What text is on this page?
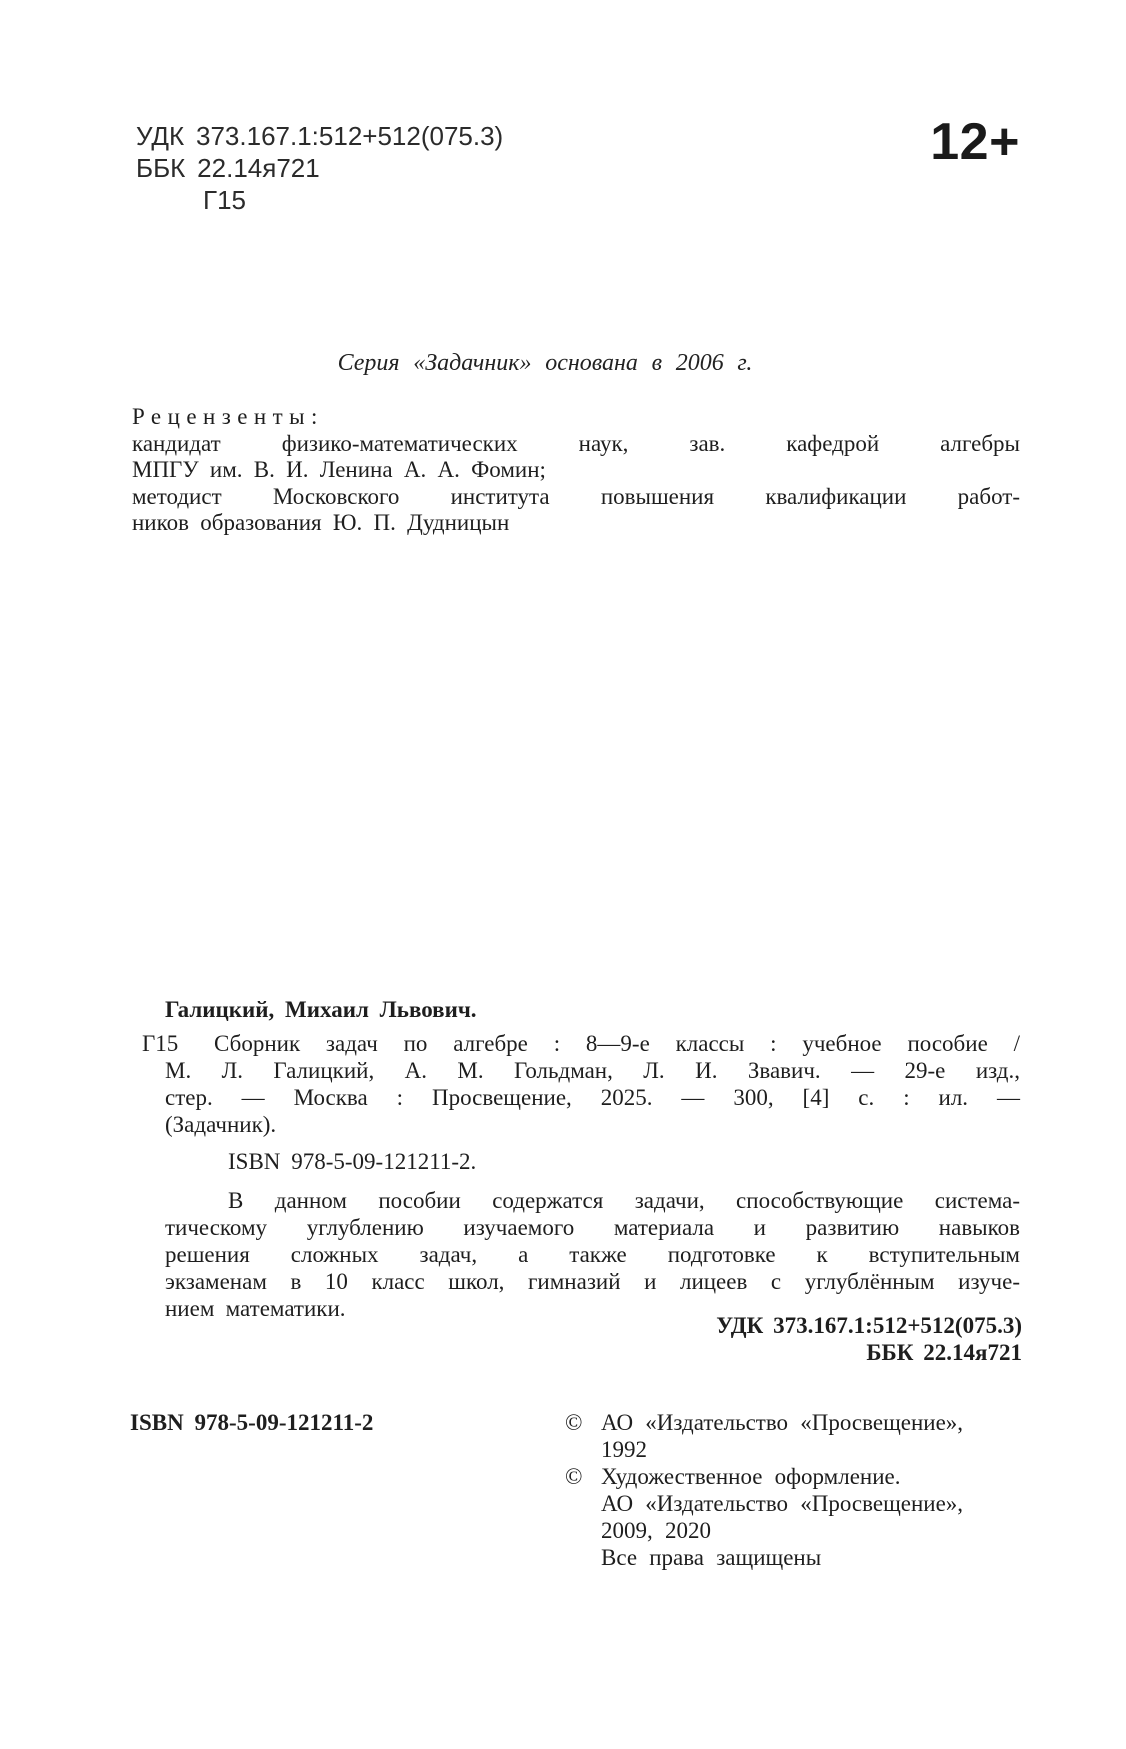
УДК 373.167.1:512+512(075.3)
ББК 22.14я721
Г15
12+
Серия «Задачник» основана в 2006 г.
Рецензенты:
кандидат физико-математических наук, зав. кафедрой алгебры
МПГУ им. В. И. Ленина А. А. Фомин;
методист Московского института повышения квалификации работ-
ников образования Ю. П. Дудницын
Г15
Галицкий, Михаил Львович.
Сборник задач по алгебре : 8—9-е классы : учебное пособие /
М. Л. Галицкий, А. М. Гольдман, Л. И. Звавич. — 29-е изд.,
стер. — Москва : Просвещение, 2025. — 300, [4] с. : ил. —
(Задачник).
ISBN 978-5-09-121211-2.
В данном пособии содержатся задачи, способствующие система-
тическому углублению изучаемого материала и развитию навыков
решения сложных задач, а также подготовке к вступительным
экзаменам в 10 класс школ, гимназий и лицеев с углублённым изуче-
нием математики.
УДК 373.167.1:512+512(075.3)
ББК 22.14я721
ISBN 978-5-09-121211-2	© АО «Издательство «Просвещение»,
1992
© Художественное оформление.
АО «Издательство «Просвещение»,
2009, 2020
Все права защищены
